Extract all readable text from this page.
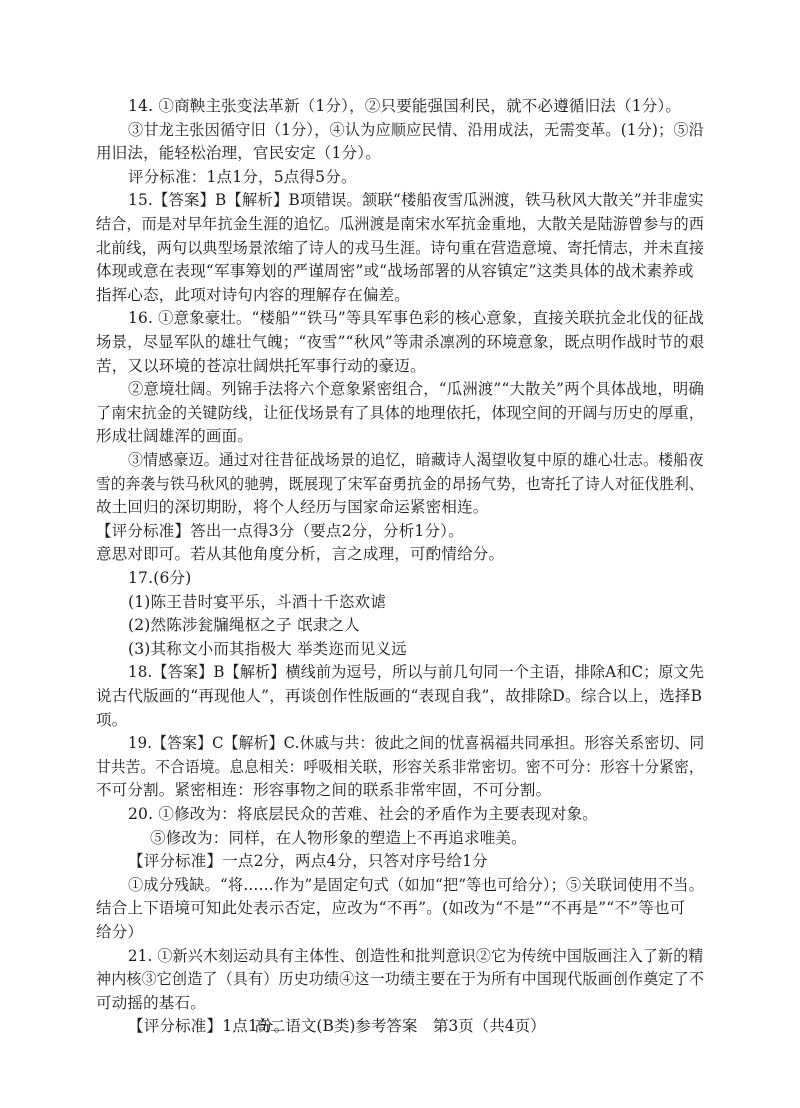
14. ①商鞅主张变法革新（1分），②只要能强国利民，就不必遵循旧法（1分）。
③甘龙主张因循守旧（1分），④认为应顺应民情、沿用成法，无需变革。(1分)；⑤沿
用旧法，能轻松治理，官民安定（1分）。
评分标准：1点1分，5点得5分。
15.【答案】B【解析】B项错误。颔联“楼船夜雪瓜洲渡，铁马秋风大散关”并非虚实
结合，而是对早年抗金生涯的追忆。瓜洲渡是南宋水军抗金重地，大散关是陆游曾参与的西
北前线，两句以典型场景浓缩了诗人的戎马生涯。诗句重在营造意境、寄托情志，并未直接
体现或意在表现“军事筹划的严谨周密”或“战场部署的从容镇定”这类具体的战术素养或
指挥心态，此项对诗句内容的理解存在偏差。
16. ①意象豪壮。“楼船”“铁马”等具军事色彩的核心意象，直接关联抗金北伐的征战
场景，尽显军队的雄壮气魄；“夜雪”“秋风”等肃杀凛冽的环境意象，既点明作战时节的艰
苦，又以环境的苍凉壮阔烘托军事行动的豪迈。
②意境壮阔。列锦手法将六个意象紧密组合，“瓜洲渡”“大散关”两个具体战地，明确
了南宋抗金的关键防线，让征伐场景有了具体的地理依托，体现空间的开阔与历史的厚重，
形成壮阔雄浑的画面。
③情感豪迈。通过对往昔征战场景的追忆，暗藏诗人渴望收复中原的雄心壮志。楼船夜
雪的奔袭与铁马秋风的驰骋，既展现了宋军奋勇抗金的昂扬气势，也寄托了诗人对征伐胜利、
故土回归的深切期盼，将个人经历与国家命运紧密相连。
【评分标准】答出一点得3分（要点2分，分析1分）。
意思对即可。若从其他角度分析，言之成理，可酌情给分。
17.(6分)
(1)陈王昔时宴平乐，斗酒十千恣欢谑
(2)然陈涉瓮牖绳枢之子 氓隶之人
(3)其称文小而其指极大 举类迩而见义远
18.【答案】B【解析】横线前为逗号，所以与前几句同一个主语，排除A和C；原文先
说古代版画的“再现他人”，再谈创作性版画的“表现自我”，故排除D。综合以上，选择B
项。
19.【答案】C【解析】C.休戚与共：彼此之间的忧喜祸福共同承担。形容关系密切、同
甘共苦。不合语境。息息相关：呼吸相关联，形容关系非常密切。密不可分：形容十分紧密，
不可分割。紧密相连：形容事物之间的联系非常牢固，不可分割。
20. ①修改为：将底层民众的苦难、社会的矛盾作为主要表现对象。
⑤修改为：同样，在人物形象的塑造上不再追求唯美。
【评分标准】一点2分，两点4分，只答对序号给1分
①成分残缺。“将……作为”是固定句式（如加“把”等也可给分）；⑤关联词使用不当。
结合上下语境可知此处表示否定，应改为“不再”。(如改为“不是”“不再是”“不”等也可
给分）
21. ①新兴木刻运动具有主体性、创造性和批判意识②它为传统中国版画注入了新的精
神内核③它创造了（具有）历史功绩④这一功绩主要在于为所有中国现代版画创作奠定了不
可动摇的基石。
【评分标准】1点1分。
高二语文(B类)参考答案　第3页（共4页）
